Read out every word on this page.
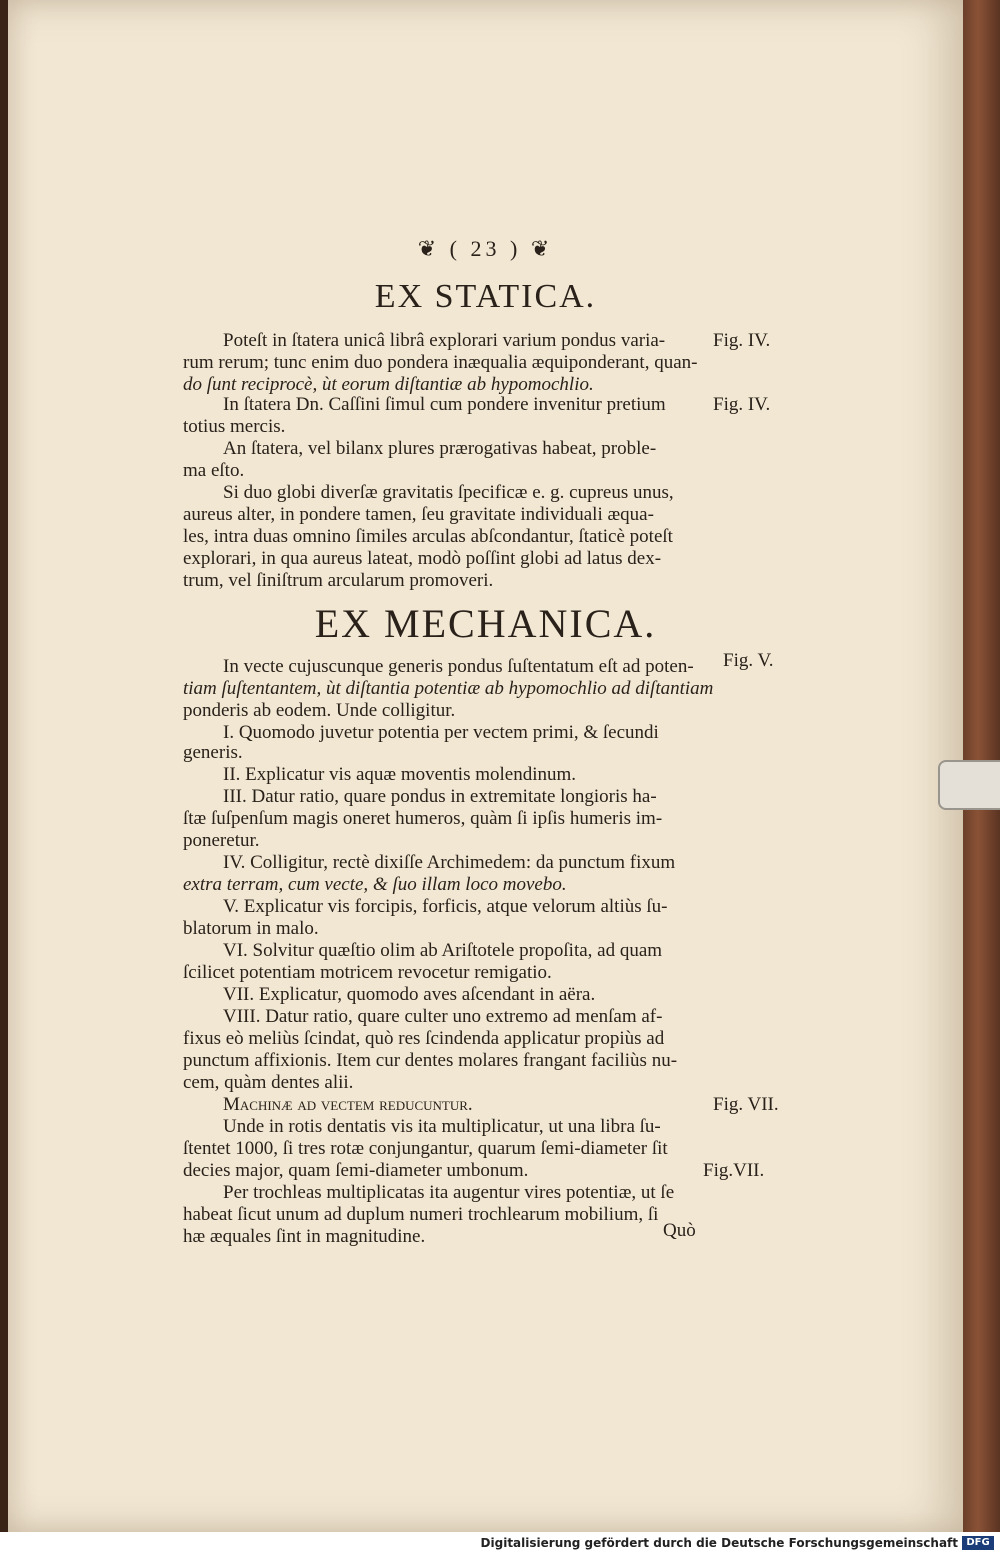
❦ ( 23 ) ❦
EX STATICA.
EX MECHANICA.
Poteſt in ſtatera unicâ librâ explorari varium pondus varia-
rum rerum; tunc enim duo pondera inæqualia æquiponderant, quan-
do ſunt reciprocè, ùt eorum diſtantiæ ab hypomochlio.
In ſtatera Dn. Caſſini ſimul cum pondere invenitur pretium
totius mercis.
An ſtatera, vel bilanx plures prærogativas habeat, proble-
ma eſto.
Si duo globi diverſæ gravitatis ſpecificæ e. g. cupreus unus,
aureus alter, in pondere tamen, ſeu gravitate individuali æqua-
les, intra duas omnino ſimiles arculas abſcondantur, ſtaticè poteſt
explorari, in qua aureus lateat, modò poſſint globi ad latus dex-
trum, vel ſiniſtrum arcularum promoveri.
In vecte cujuscunque generis pondus ſuſtentatum eſt ad poten-
tiam ſuſtentantem, ùt diſtantia potentiæ ab hypomochlio ad diſtantiam
ponderis ab eodem. Unde colligitur.
I. Quomodo juvetur potentia per vectem primi, & ſecundi
generis.
II. Explicatur vis aquæ moventis molendinum.
III. Datur ratio, quare pondus in extremitate longioris ha-
ſtæ ſuſpenſum magis oneret humeros, quàm ſi ipſis humeris im-
poneretur.
IV. Colligitur, rectè dixiſſe Archimedem: da punctum fixum
extra terram, cum vecte, & ſuo illam loco movebo.
V. Explicatur vis forcipis, forficis, atque velorum altiùs ſu-
blatorum in malo.
VI. Solvitur quæſtio olim ab Ariſtotele propoſita, ad quam
ſcilicet potentiam motricem revocetur remigatio.
VII. Explicatur, quomodo aves aſcendant in aëra.
VIII. Datur ratio, quare culter uno extremo ad menſam af-
fixus eò meliùs ſcindat, quò res ſcindenda applicatur propiùs ad
punctum affixionis. Item cur dentes molares frangant faciliùs nu-
cem, quàm dentes alii.
Machinæ ad vectem reducuntur.
Unde in rotis dentatis vis ita multiplicatur, ut una libra ſu-
ſtentet 1000, ſi tres rotæ conjungantur, quarum ſemi-diameter ſit
decies major, quam ſemi-diameter umbonum.
Per trochleas multiplicatas ita augentur vires potentiæ, ut ſe
habeat ſicut unum ad duplum numeri trochlearum mobilium, ſi
hæ æquales ſint in magnitudine.
Fig. IV.
Fig. IV.
Fig. V.
Fig. VII.
Fig.VII.
Quò
Digitalisierung gefördert durch die Deutsche Forschungsgemeinschaft DFG
